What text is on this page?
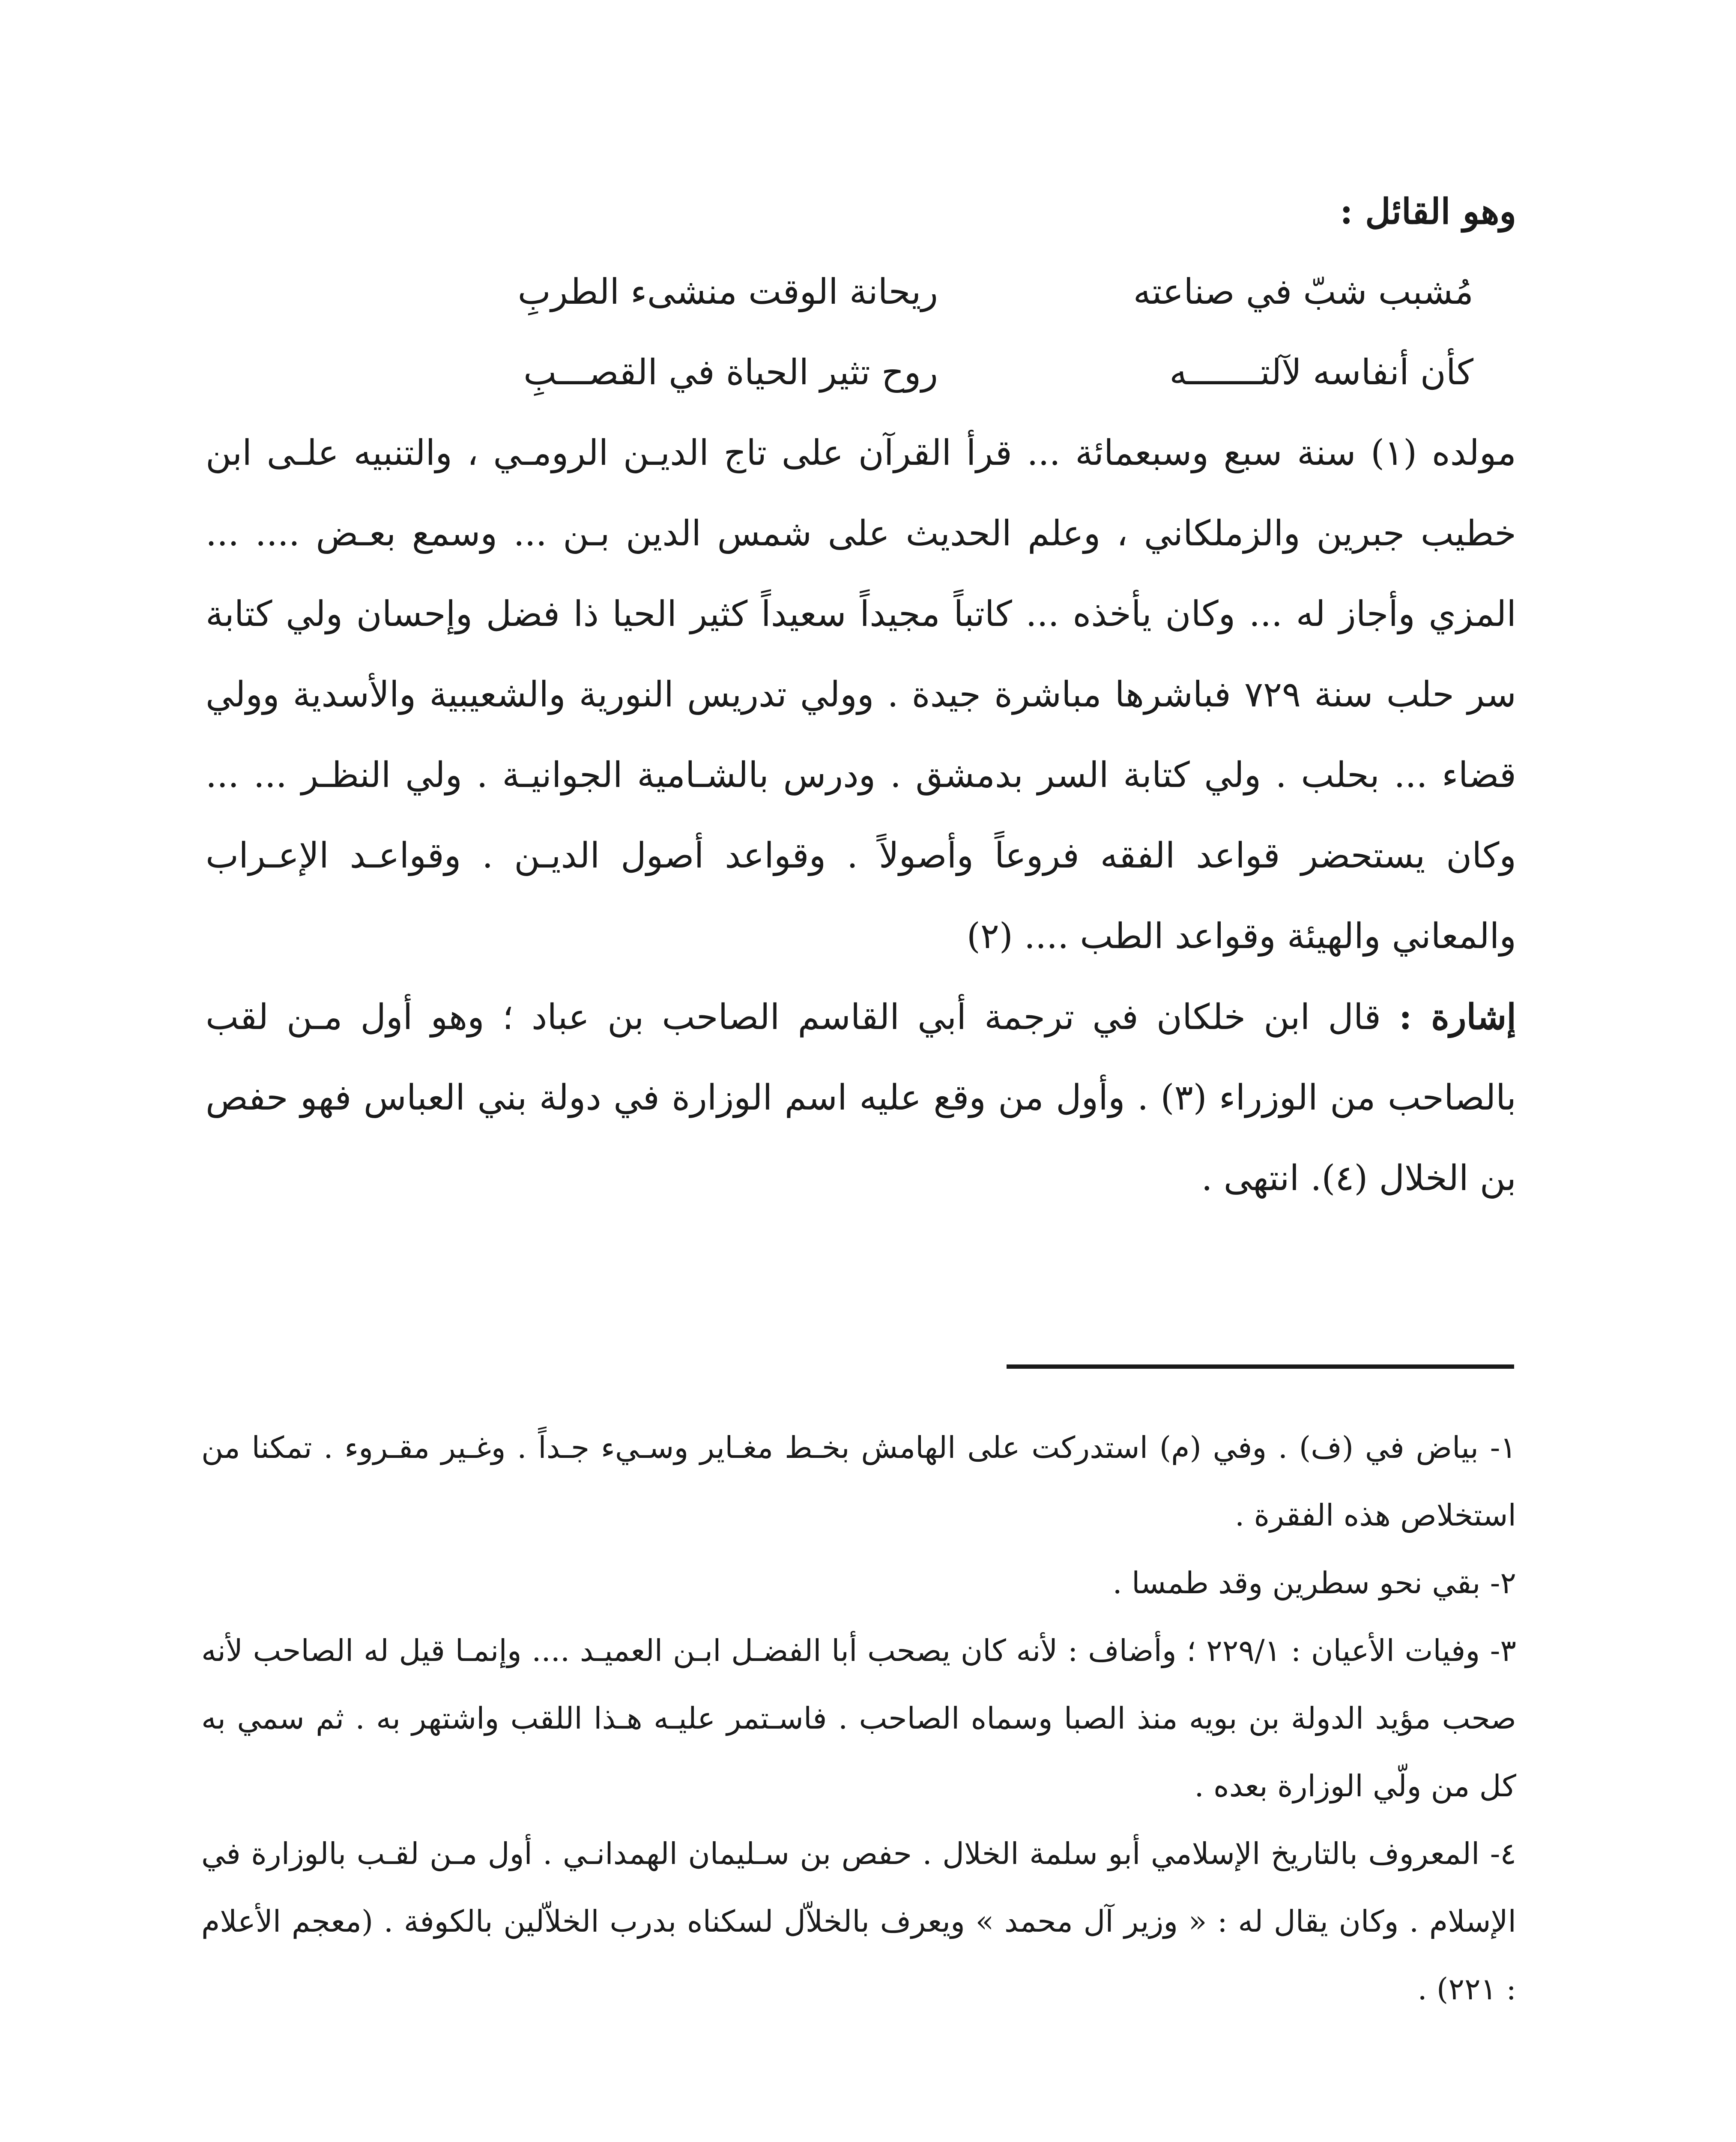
وهو القائل :

مُشبب شبّ في صناعته
ريحانة الوقت منشىء الطربِ
كأن أنفاسه لآلتـــــــه
روح تثير الحياة في القصـــبِ

مولده (١) سنة سبع وسبعمائة ... قرأ القرآن على تاج الديـن الرومـي ، والتنبيه علـى ابن خطيب جبرين والزملكاني ، وعلم الحديث على شمس الدين بـن ... وسمع بعـض .... ... المزي وأجاز له ... وكان يأخذه ... كاتباً مجيداً سعيداً كثير الحيا ذا فضل وإحسان ولي كتابة سر حلب سنة ٧٢٩ فباشرها مباشرة جيدة . وولي تدريس النورية والشعيبية والأسدية وولي قضاء ... بحلب . ولي كتابة السر بدمشق . ودرس بالشـامية الجوانيـة . ولي النظـر ... ... وكان يستحضر قواعد الفقه فروعاً وأصولاً . وقواعد أصول الديـن . وقواعـد الإعـراب والمعاني والهيئة وقواعد الطب .... (٢)

إشارة : قال ابن خلكان في ترجمة أبي القاسم الصاحب بن عباد ؛ وهو أول مـن لقب بالصاحب من الوزراء (٣) . وأول من وقع عليه اسم الوزارة في دولة بني العباس فهو حفص بن الخلال (٤). انتهى .

١- بياض في (ف) . وفي (م) استدركت على الهامش بخـط مغـاير وسـيء جـداً . وغـير مقـروء . تمكنا من استخلاص هذه الفقرة .

٢- بقي نحو سطرين وقد طمسا .

٣- وفيات الأعيان : ٢٢٩/١ ؛ وأضاف : لأنه كان يصحب أبا الفضـل ابـن العميـد .... وإنمـا قيل له الصاحب لأنه صحب مؤيد الدولة بن بويه منذ الصبا وسماه الصاحب . فاسـتمر عليـه هـذا اللقب واشتهر به . ثم سمي به كل من ولّي الوزارة بعده .

٤- المعروف بالتاريخ الإسلامي أبو سلمة الخلال . حفص بن سـليمان الهمدانـي . أول مـن لقـب بالوزارة في الإسلام . وكان يقال له : « وزير آل محمد » ويعرف بالخلاّل لسكناه بدرب الخلاّلين بالكوفة . (معجم الأعلام : ٢٢١) .
